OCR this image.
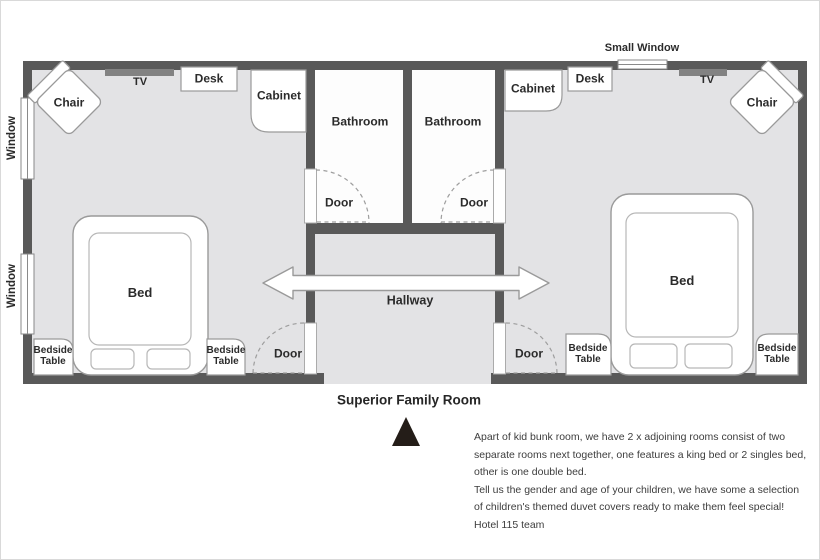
Window
Window
Chair
TV	Desk
Cabinet
Bathroom	Bathroom
Door	Door
Cabinet
Desk
Small Window
TV
Chair
Bed
Bed
Bedside Table
Bedside Table
Bedside Table
Bedside Table
Door	Door
Hallway
Superior Family Room
Apart of kid bunk room, we have 2 x adjoining rooms consist of two
separate rooms next together, one features a king bed or 2 singles bed,
other is one double bed.
Tell us the gender and age of your children, we have some a selection
of children's themed duvet covers ready to make them feel special!
Hotel 115 team
